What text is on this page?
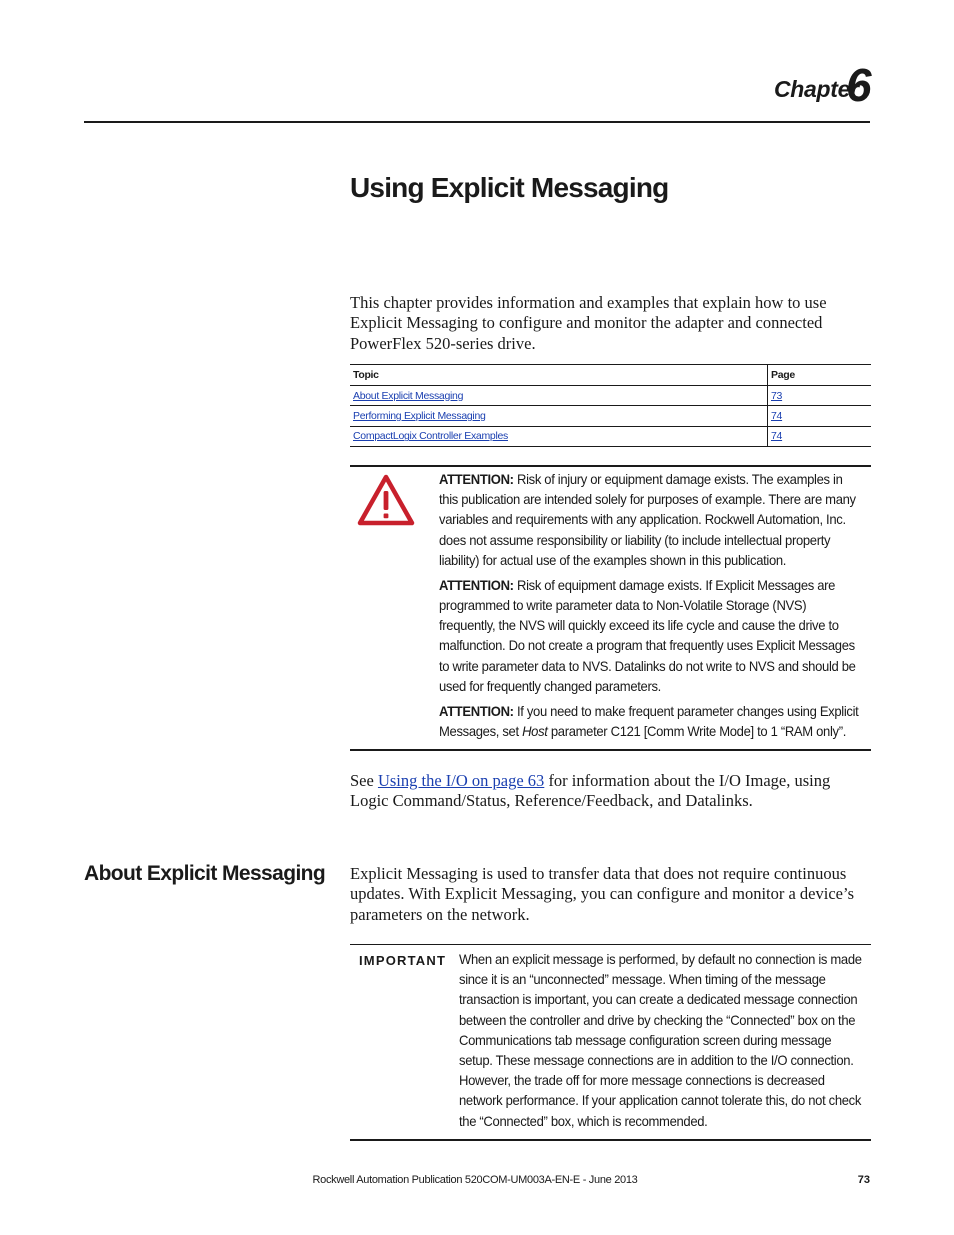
Chapter
6
Using Explicit Messaging
This chapter provides information and examples that explain how to use Explicit Messaging to configure and monitor the adapter and connected PowerFlex 520-series drive.
Topic	Page
About Explicit Messaging	73
Performing Explicit Messaging	74
CompactLogix Controller Examples	74

ATTENTION: Risk of injury or equipment damage exists. The examples in this publication are intended solely for purposes of example. There are many variables and requirements with any application. Rockwell Automation, Inc. does not assume responsibility or liability (to include intellectual property liability) for actual use of the examples shown in this publication.

ATTENTION: Risk of equipment damage exists. If Explicit Messages are programmed to write parameter data to Non-Volatile Storage (NVS) frequently, the NVS will quickly exceed its life cycle and cause the drive to malfunction. Do not create a program that frequently uses Explicit Messages to write parameter data to NVS. Datalinks do not write to NVS and should be used for frequently changed parameters.

ATTENTION: If you need to make frequent parameter changes using Explicit Messages, set Host parameter C121 [Comm Write Mode] to 1 “RAM only”.

See Using the I/O on page 63 for information about the I/O Image, using Logic Command/Status, Reference/Feedback, and Datalinks.
About Explicit Messaging Explicit Messaging is used to transfer data that does not require continuous updates. With Explicit Messaging, you can configure and monitor a device’s parameters on the network.
IMPORTANT When an explicit message is performed, by default no connection is made since it is an “unconnected” message. When timing of the message transaction is important, you can create a dedicated message connection between the controller and drive by checking the “Connected” box on the Communications tab message configuration screen during message setup. These message connections are in addition to the I/O connection. However, the trade off for more message connections is decreased network performance. If your application cannot tolerate this, do not check the “Connected” box, which is recommended.
Rockwell Automation Publication 520COM-UM003A-EN-E - June 2013	73
